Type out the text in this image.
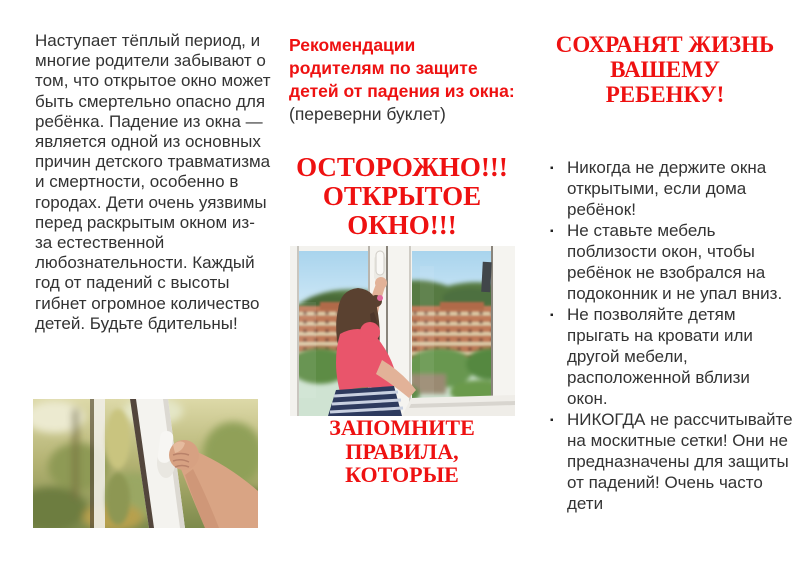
Наступает тёплый период, и многие родители забывают о том, что открытое окно может быть смертельно опасно для ребёнка. Падение из окна — является одной из основных причин детского травматизма и смертности, особенно в городах. Дети очень уязвимы перед раскрытым окном из-за естественной любознательности. Каждый год от падений с высоты гибнет огромное количество детей. Будьте бдительны!
Рекомендации
родителям по защите
детей от падения из окна:
(переверни буклет)
ОСТОРОЖНО!!!
ОТКРЫТОЕ
ОКНО!!!
ЗАПОМНИТЕ
ПРАВИЛА,
КОТОРЫЕ
СОХРАНЯТ ЖИЗНЬ
ВАШЕМУ
РЕБЕНКУ!
▪ Никогда не держите окна открытыми, если дома ребёнок!
▪ Не ставьте мебель поблизости окон, чтобы ребёнок не взобрался на подоконник и не упал вниз.
▪ Не позволяйте детям прыгать на кровати или другой мебели, расположенной вблизи окон.
▪ НИКОГДА не рассчитывайте на москитные сетки! Они не предназначены для защиты от падений! Очень часто дети
